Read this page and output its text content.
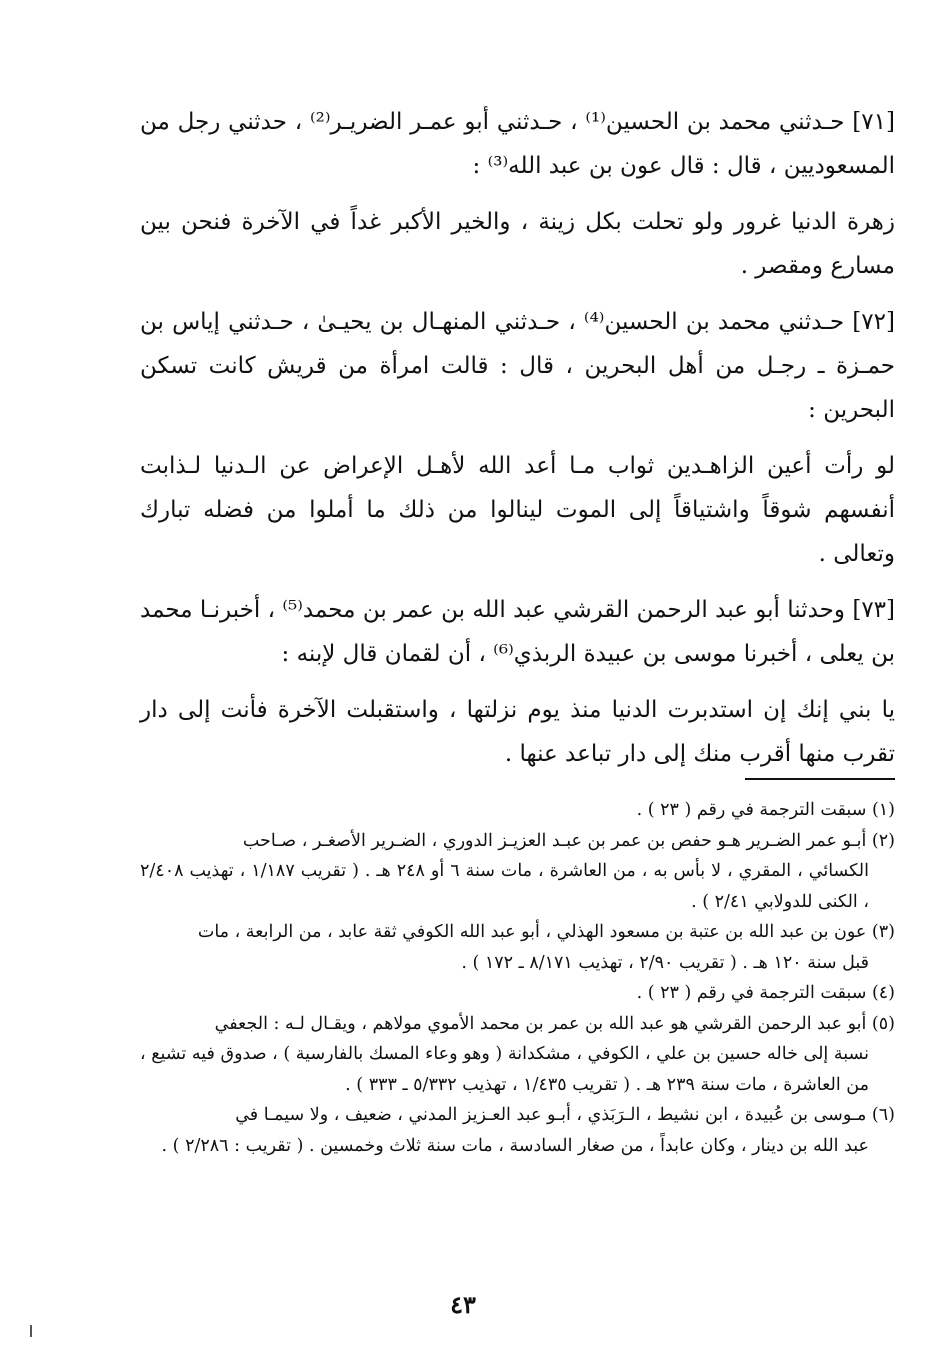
[٧١] حـدثني محمد بن الحسين⁽¹⁾ ، حـدثني أبو عمـر الضريـر⁽²⁾ ، حدثني رجل من المسعوديين ، قال : قال عون بن عبد الله⁽³⁾ :

زهرة الدنيا غرور ولو تحلت بكل زينة ، والخير الأكبر غداً في الآخرة فنحن بين مسارع ومقصر .

[٧٢] حـدثني محمد بن الحسين⁽⁴⁾ ، حـدثني المنهـال بن يحيـىٰ ، حـدثني إياس بن حمـزة ـ رجـل من أهل البحرين ، قال : قالت امرأة من قريش كانت تسكن البحرين :

لو رأت أعين الزاهـدين ثواب مـا أعد الله لأهـل الإعراض عن الـدنيا لـذابت أنفسهم شوقاً واشتياقاً إلى الموت لينالوا من ذلك ما أملوا من فضله تبارك وتعالى .

[٧٣] وحدثنا أبو عبد الرحمن القرشي عبد الله بن عمر بن محمد⁽⁵⁾ ، أخبرنـا محمد بن يعلى ، أخبرنا موسى بن عبيدة الربذي⁽⁶⁾ ، أن لقمان قال لإبنه :

يا بني إنك إن استدبرت الدنيا منذ يوم نزلتها ، واستقبلت الآخرة فأنت إلى دار تقرب منها أقرب منك إلى دار تباعد عنها .

(١) سبقت الترجمة في رقم ( ٢٣ ) .

(٢) أبـو عمر الضـرير هـو حفص بن عمر بن عبـد العزيـز الدوري ، الضـرير الأصغـر ، صـاحب
الكسائي ، المقري ، لا بأس به ، من العاشرة ، مات سنة ٦ أو ٢٤٨ هـ . ( تقريب ١/١٨٧ ، تهذيب ٢/٤٠٨ ، الكنى للدولابي ٢/٤١ ) .

(٣) عون بن عبد الله بن عتبة بن مسعود الهذلي ، أبو عبد الله الكوفي ثقة عابد ، من الرابعة ، مات
قبل سنة ١٢٠ هـ . ( تقريب ٢/٩٠ ، تهذيب ٨/١٧١ ـ ١٧٢ ) .

(٤) سبقت الترجمة في رقم ( ٢٣ ) .

(٥) أبو عبد الرحمن القرشي هو عبد الله بن عمر بن محمد الأموي مولاهم ، ويقـال لـه : الجعفي
نسبة إلى خاله حسين بن علي ، الكوفي ، مشكدانة ( وهو وعاء المسك بالفارسية ) ، صدوق فيه تشيع ، من العاشرة ، مات سنة ٢٣٩ هـ . ( تقريب ١/٤٣٥ ، تهذيب ٥/٣٣٢ ـ ٣٣٣ ) .

(٦) مـوسى بن عُبيدة ، ابن نشيط ، الـرَبَذي ، أبـو عبد العـزيز المدني ، ضعيف ، ولا سيمـا في
عبد الله بن دينار ، وكان عابداً ، من صغار السادسة ، مات سنة ثلاث وخمسين . ( تقريب : ٢/٢٨٦ ) .

٤٣
